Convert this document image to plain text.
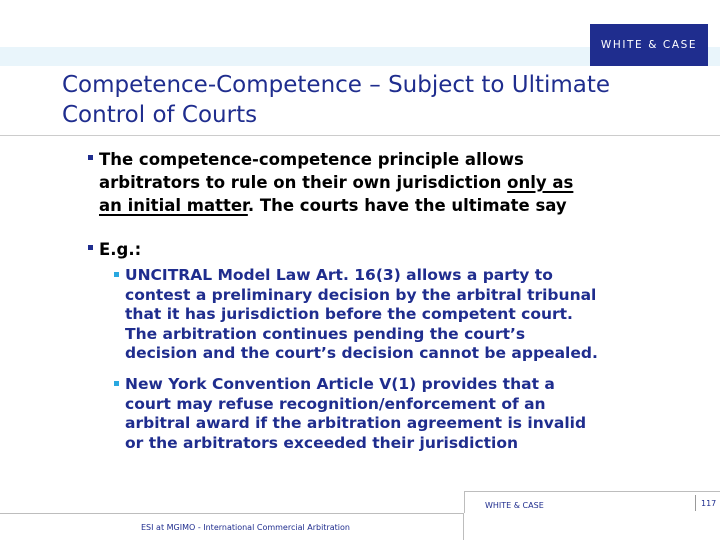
WHITE & CASE
Competence-Competence – Subject to Ultimate
Control of Courts
The competence-competence principle allows
arbitrators to rule on their own jurisdiction only as
an initial matter. The courts have the ultimate say
E.g.:
UNCITRAL Model Law Art. 16(3) allows a party to
contest a preliminary decision by the arbitral tribunal
that it has jurisdiction before the competent court.
The arbitration continues pending the court’s
decision and the court’s decision cannot be appealed.
New York Convention Article V(1) provides that a
court may refuse recognition/enforcement of an
arbitral award if the arbitration agreement is invalid
or the arbitrators exceeded their jurisdiction
WHITE & CASE	117
ESI at MGIMO - International Commercial Arbitration
